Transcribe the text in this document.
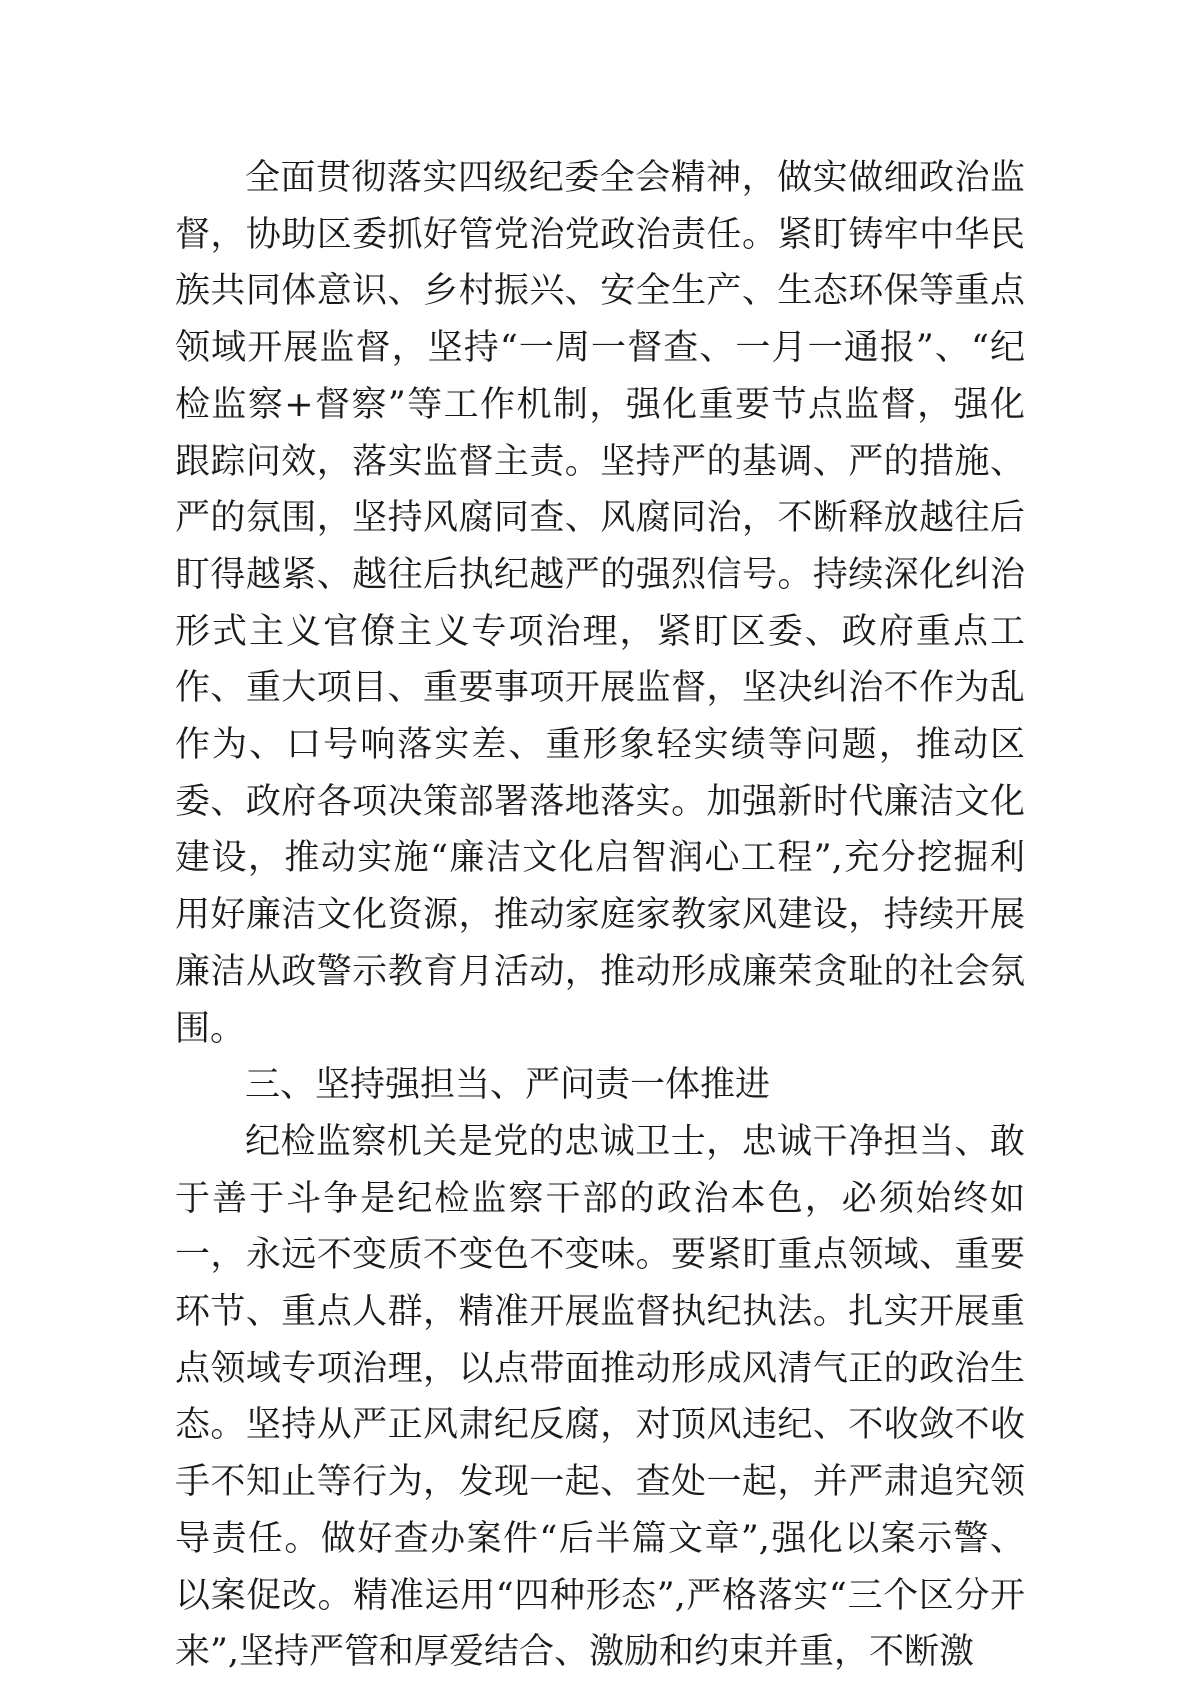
全面贯彻落实四级纪委全会精神，做实做细政治监督，协助区委抓好管党治党政治责任。紧盯铸牢中华民族共同体意识、乡村振兴、安全生产、生态环保等重点领域开展监督，坚持“一周一督查、一月一通报”、“纪检监察+督察”等工作机制，强化重要节点监督，强化跟踪问效，落实监督主责。坚持严的基调、严的措施、严的氛围，坚持风腐同查、风腐同治，不断释放越往后盯得越紧、越往后执纪越严的强烈信号。持续深化纠治形式主义官僚主义专项治理，紧盯区委、政府重点工作、重大项目、重要事项开展监督，坚决纠治不作为乱作为、口号响落实差、重形象轻实绩等问题，推动区委、政府各项决策部署落地落实。加强新时代廉洁文化建设，推动实施“廉洁文化启智润心工程”,充分挖掘利用好廉洁文化资源，推动家庭家教家风建设，持续开展廉洁从政警示教育月活动，推动形成廉荣贪耻的社会氛围。

三、坚持强担当、严问责一体推进

纪检监察机关是党的忠诚卫士，忠诚干净担当、敢于善于斗争是纪检监察干部的政治本色，必须始终如一，永远不变质不变色不变味。要紧盯重点领域、重要环节、重点人群，精准开展监督执纪执法。扎实开展重点领域专项治理，以点带面推动形成风清气正的政治生态。坚持从严正风肃纪反腐，对顶风违纪、不收敛不收手不知止等行为，发现一起、查处一起，并严肃追究领导责任。做好查办案件“后半篇文章”,强化以案示警、以案促改。精准运用“四种形态”,严格落实“三个区分开来”,坚持严管和厚爱结合、激励和约束并重，不断激
